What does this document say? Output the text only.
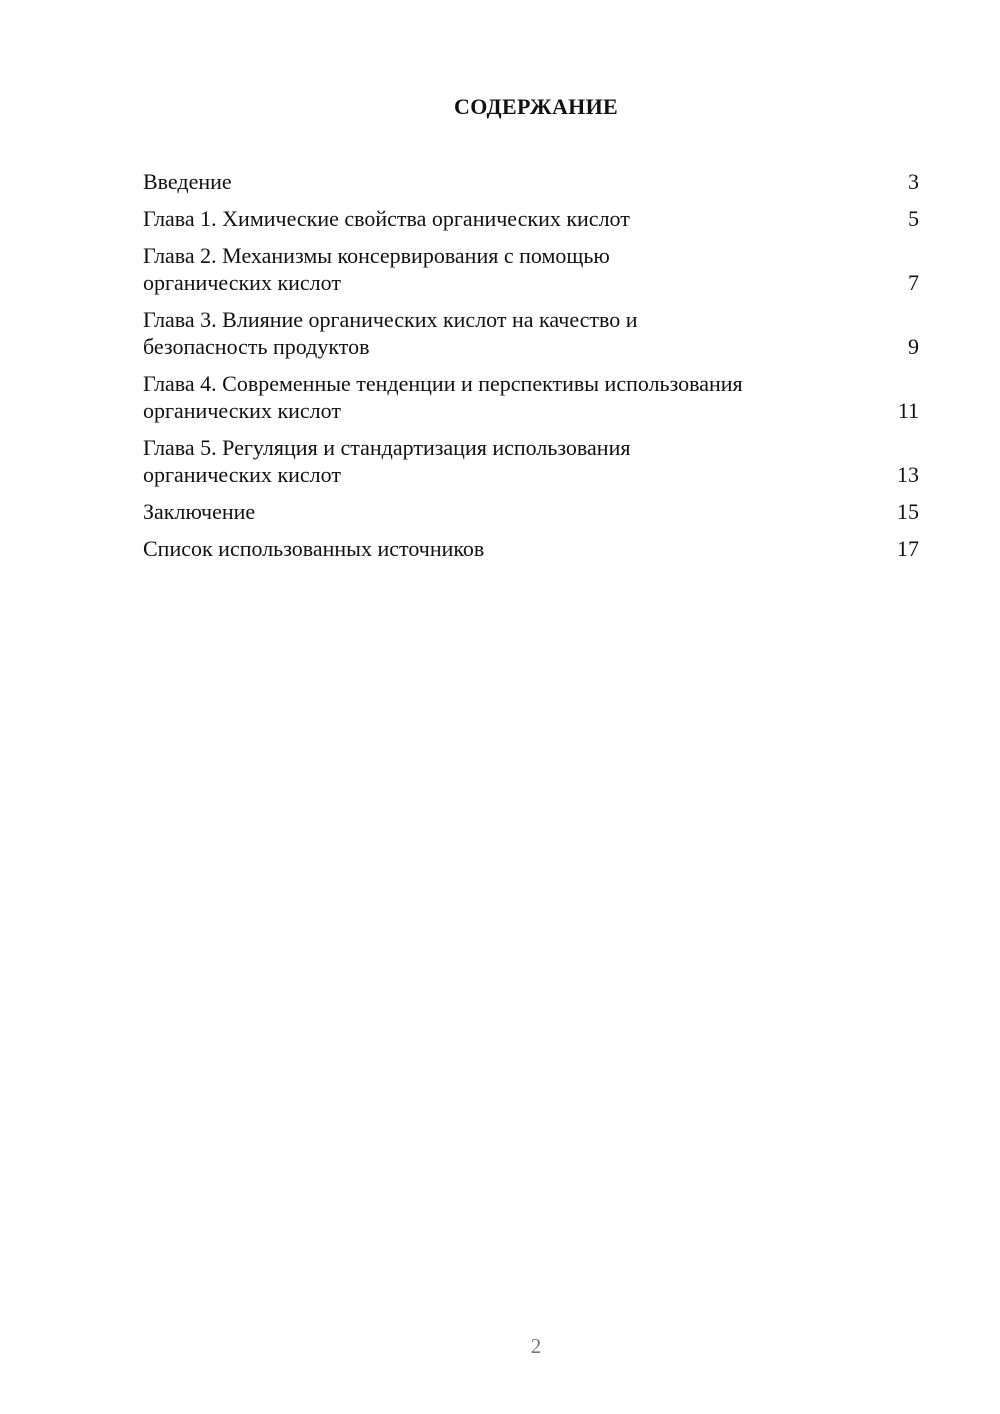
СОДЕРЖАНИЕ
Введение	3
Глава 1. Химические свойства органических кислот	5
Глава 2. Механизмы консервирования с помощью
органических кислот	7
Глава 3. Влияние органических кислот на качество и
безопасность продуктов	9
Глава 4. Современные тенденции и перспективы использования
органических кислот	11
Глава 5. Регуляция и стандартизация использования
органических кислот	13
Заключение	15
Список использованных источников	17
2
